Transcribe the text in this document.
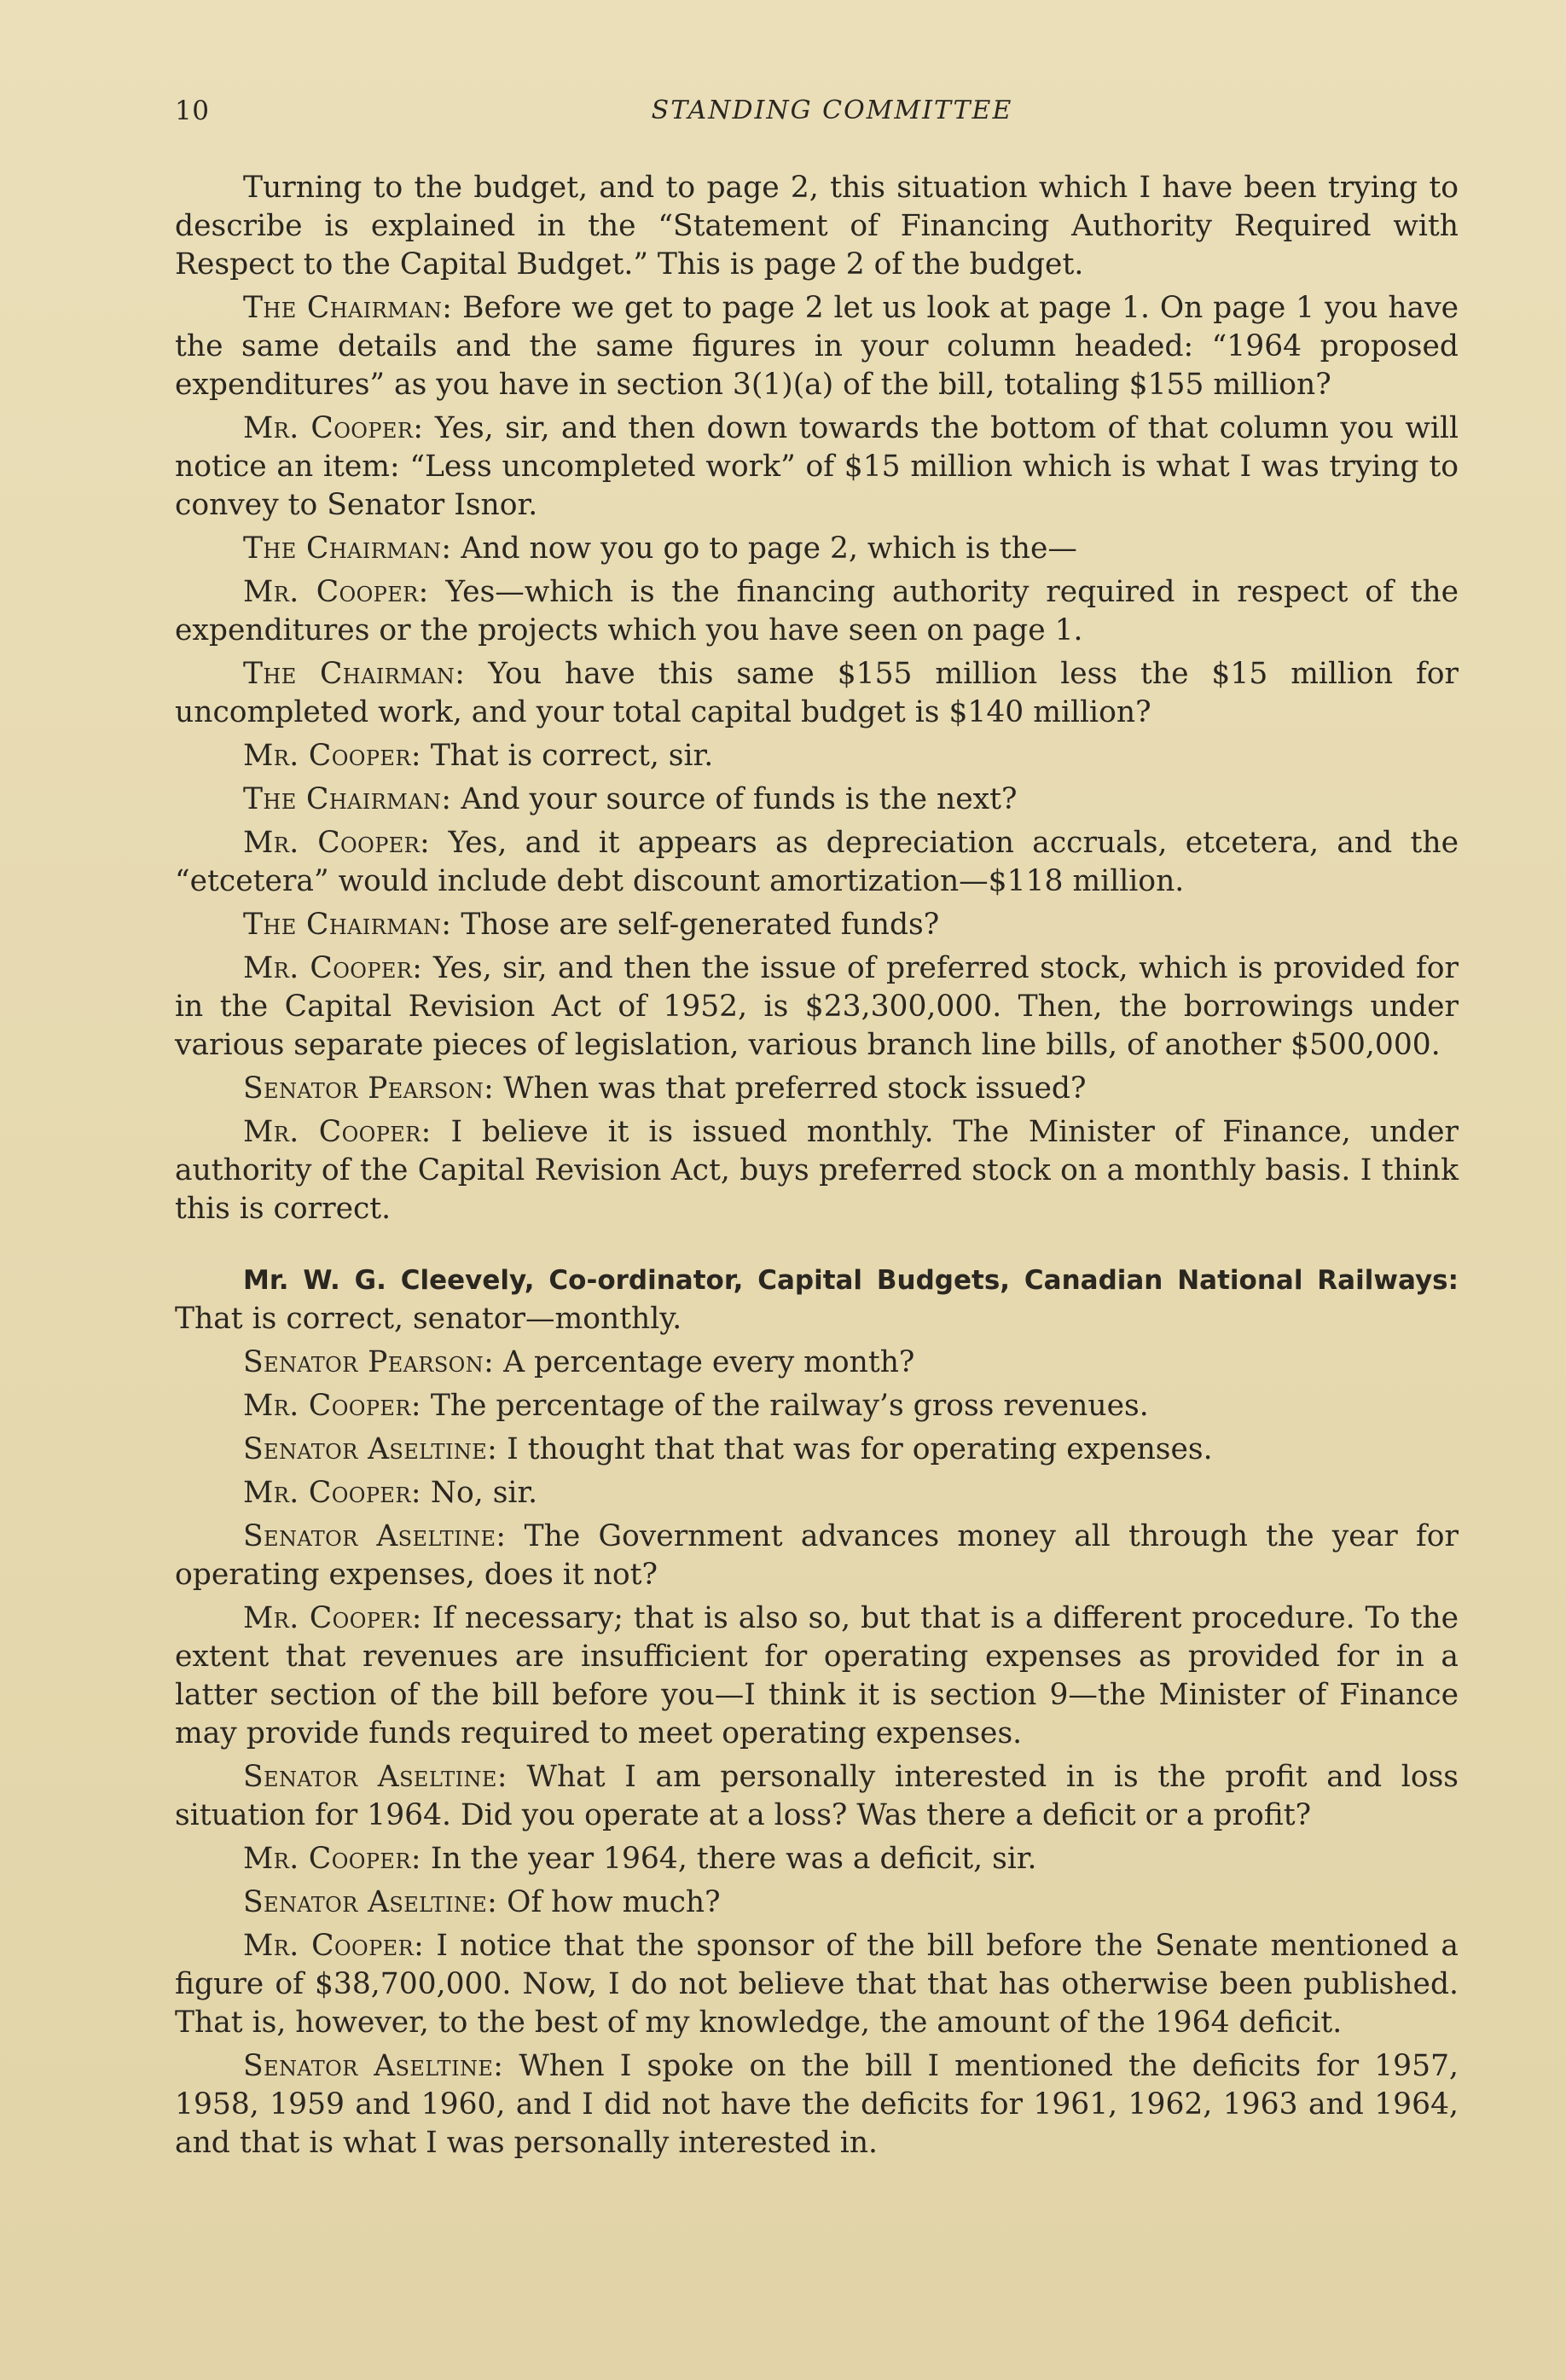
10	STANDING COMMITTEE

Turning to the budget, and to page 2, this situation which I have been trying to describe is explained in the “Statement of Financing Authority Required with Respect to the Capital Budget.” This is page 2 of the budget.

The Chairman: Before we get to page 2 let us look at page 1. On page 1 you have the same details and the same figures in your column headed: “1964 proposed expenditures” as you have in section 3(1)(a) of the bill, totaling $155 million?

Mr. Cooper: Yes, sir, and then down towards the bottom of that column you will notice an item: “Less uncompleted work” of $15 million which is what I was trying to convey to Senator Isnor.

The Chairman: And now you go to page 2, which is the—

Mr. Cooper: Yes—which is the financing authority required in respect of the expenditures or the projects which you have seen on page 1.

The Chairman: You have this same $155 million less the $15 million for uncompleted work, and your total capital budget is $140 million?

Mr. Cooper: That is correct, sir.

The Chairman: And your source of funds is the next?

Mr. Cooper: Yes, and it appears as depreciation accruals, etcetera, and the “etcetera” would include debt discount amortization—$118 million.

The Chairman: Those are self-generated funds?

Mr. Cooper: Yes, sir, and then the issue of preferred stock, which is provided for in the Capital Revision Act of 1952, is $23,300,000. Then, the borrowings under various separate pieces of legislation, various branch line bills, of another $500,000.

Senator Pearson: When was that preferred stock issued?

Mr. Cooper: I believe it is issued monthly. The Minister of Finance, under authority of the Capital Revision Act, buys preferred stock on a monthly basis. I think this is correct.

Mr. W. G. Cleevely, Co-ordinator, Capital Budgets, Canadian National Railways: That is correct, senator—monthly.

Senator Pearson: A percentage every month?

Mr. Cooper: The percentage of the railway’s gross revenues.

Senator Aseltine: I thought that that was for operating expenses.

Mr. Cooper: No, sir.

Senator Aseltine: The Government advances money all through the year for operating expenses, does it not?

Mr. Cooper: If necessary; that is also so, but that is a different procedure. To the extent that revenues are insufficient for operating expenses as provided for in a latter section of the bill before you—I think it is section 9—the Minister of Finance may provide funds required to meet operating expenses.

Senator Aseltine: What I am personally interested in is the profit and loss situation for 1964. Did you operate at a loss? Was there a deficit or a profit?

Mr. Cooper: In the year 1964, there was a deficit, sir.

Senator Aseltine: Of how much?

Mr. Cooper: I notice that the sponsor of the bill before the Senate mentioned a figure of $38,700,000. Now, I do not believe that that has otherwise been published. That is, however, to the best of my knowledge, the amount of the 1964 deficit.

Senator Aseltine: When I spoke on the bill I mentioned the deficits for 1957, 1958, 1959 and 1960, and I did not have the deficits for 1961, 1962, 1963 and 1964, and that is what I was personally interested in.
